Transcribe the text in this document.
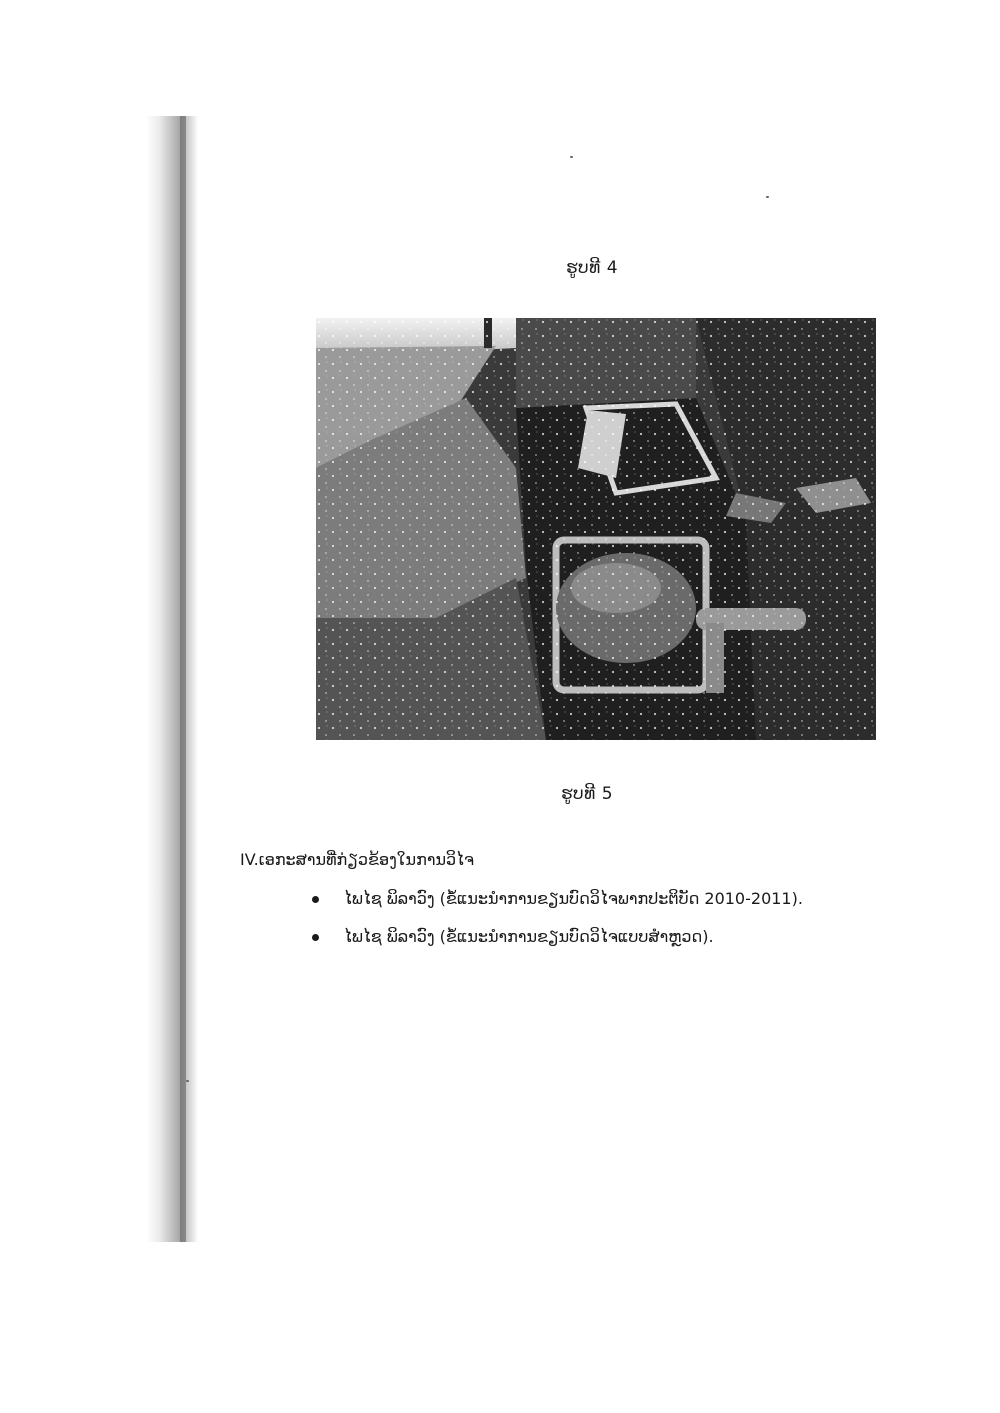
ຮູບທີ 4
ຮູບທີ 5
IV.ເອກະສານທີ່ກ່ຽວຂ້ອງໃນການວິໄຈ
ໄພໄຊ ພິລາວົງ (ຂໍ້ແນະນຳການຂຽນບົດວິໄຈພາກປະຕິບັດ 2010-2011).
ໄພໄຊ ພິລາວົງ (ຂໍ້ແນະນຳການຂຽນບົດວິໄຈແບບສຳຫຼວດ).
